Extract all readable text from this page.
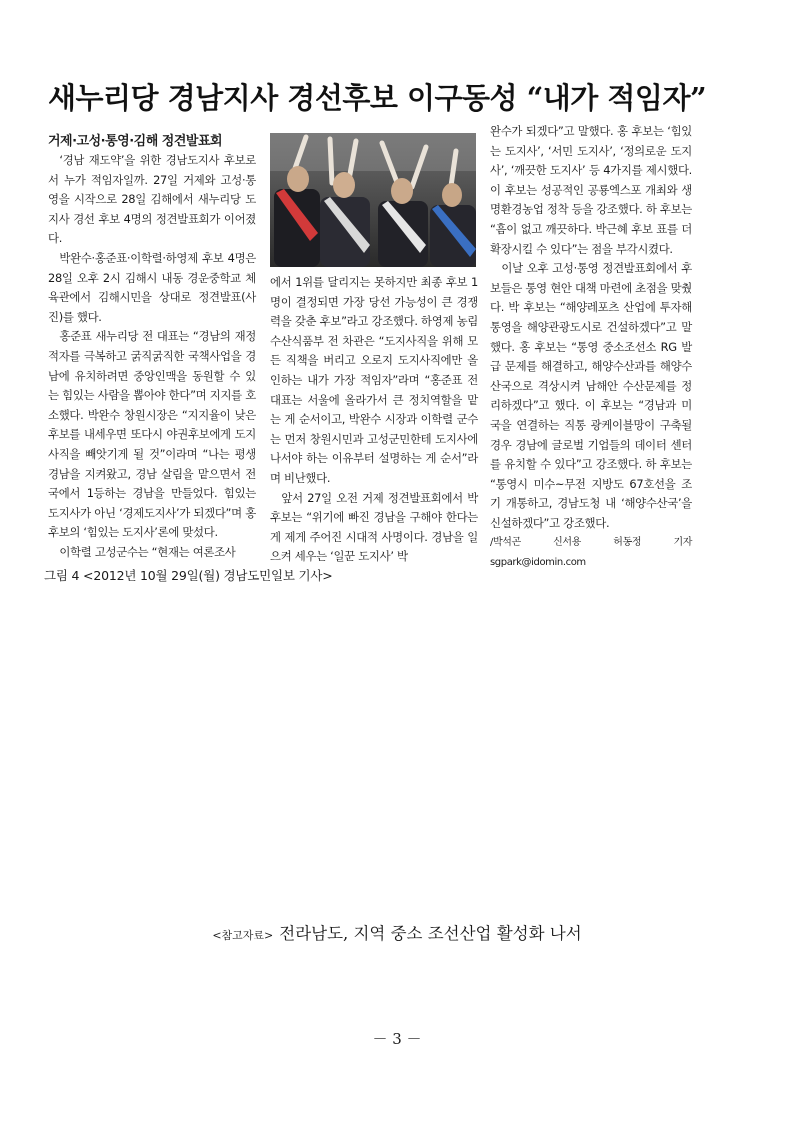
새누리당 경남지사 경선후보 이구동성 “내가 적임자”

거제·고성·통영·김해 정견발표회

‘경남 재도약’을 위한 경남도지사 후보로서 누가 적임자일까. 27일 거제와 고성·통영을 시작으로 28일 김해에서 새누리당 도지사 경선 후보 4명의 정견발표회가 이어졌다.

박완수·홍준표·이학렬·하영제 후보 4명은 28일 오후 2시 김해시 내동 경운중학교 체육관에서 김해시민을 상대로 정견발표(사진)를 했다.

홍준표 새누리당 전 대표는 “경남의 재정적자를 극복하고 굵직굵직한 국책사업을 경남에 유치하려면 중앙인맥을 동원할 수 있는 힘있는 사람을 뽑아야 한다”며 지지를 호소했다. 박완수 창원시장은 “지지율이 낮은 후보를 내세우면 또다시 야권후보에게 도지사직을 빼앗기게 될 것”이라며 “나는 평생 경남을 지켜왔고, 경남 살림을 맡으면서 전국에서 1등하는 경남을 만들었다. 힘있는 도지사가 아닌 ‘경제도지사’가 되겠다”며 홍 후보의 ‘힘있는 도지사’론에 맞섰다.

이학렬 고성군수는 “현재는 여론조사

에서 1위를 달리지는 못하지만 최종 후보 1명이 결정되면 가장 당선 가능성이 큰 경쟁력을 갖춘 후보”라고 강조했다. 하영제 농림수산식품부 전 차관은 “도지사직을 위해 모든 직책을 버리고 오로지 도지사직에만 올인하는 내가 가장 적임자”라며 “홍준표 전 대표는 서울에 올라가서 큰 정치역할을 맡는 게 순서이고, 박완수 시장과 이학렬 군수는 먼저 창원시민과 고성군민한테 도지사에 나서야 하는 이유부터 설명하는 게 순서”라며 비난했다.

앞서 27일 오전 거제 정견발표회에서 박 후보는 “위기에 빠진 경남을 구해야 한다는 게 제게 주어진 시대적 사명이다. 경남을 일으켜 세우는 ‘일꾼 도지사’ 박

완수가 되겠다”고 말했다. 홍 후보는 ‘힘있는 도지사’, ‘서민 도지사’, ‘정의로운 도지사’, ‘깨끗한 도지사’ 등 4가지를 제시했다. 이 후보는 성공적인 공룡엑스포 개최와 생명환경농업 정착 등을 강조했다. 하 후보는 “흠이 없고 깨끗하다. 박근혜 후보 표를 더 확장시킬 수 있다”는 점을 부각시켰다.

이날 오후 고성·통영 정견발표회에서 후보들은 통영 현안 대책 마련에 초점을 맞췄다. 박 후보는 “해양레포츠 산업에 투자해 통영을 해양관광도시로 건설하겠다”고 말했다. 홍 후보는 “통영 중소조선소 RG 발급 문제를 해결하고, 해양수산과를 해양수산국으로 격상시켜 남해안 수산문제를 정리하겠다”고 했다. 이 후보는 “경남과 미국을 연결하는 직통 광케이블망이 구축될 경우 경남에 글로벌 기업들의 데이터 센터를 유치할 수 있다”고 강조했다. 하 후보는 “통영시 미수~무전 지방도 67호선을 조기 개통하고, 경남도청 내 ‘해양수산국’을 신설하겠다”고 강조했다.

/박석곤 신서용 허동정 기자 sgpark@idomin.com

그림 4 <2012년 10월 29일(월) 경남도민일보 기사>
<참고자료> 전라남도, 지역 중소 조선산업 활성화 나서
－ 3 －
